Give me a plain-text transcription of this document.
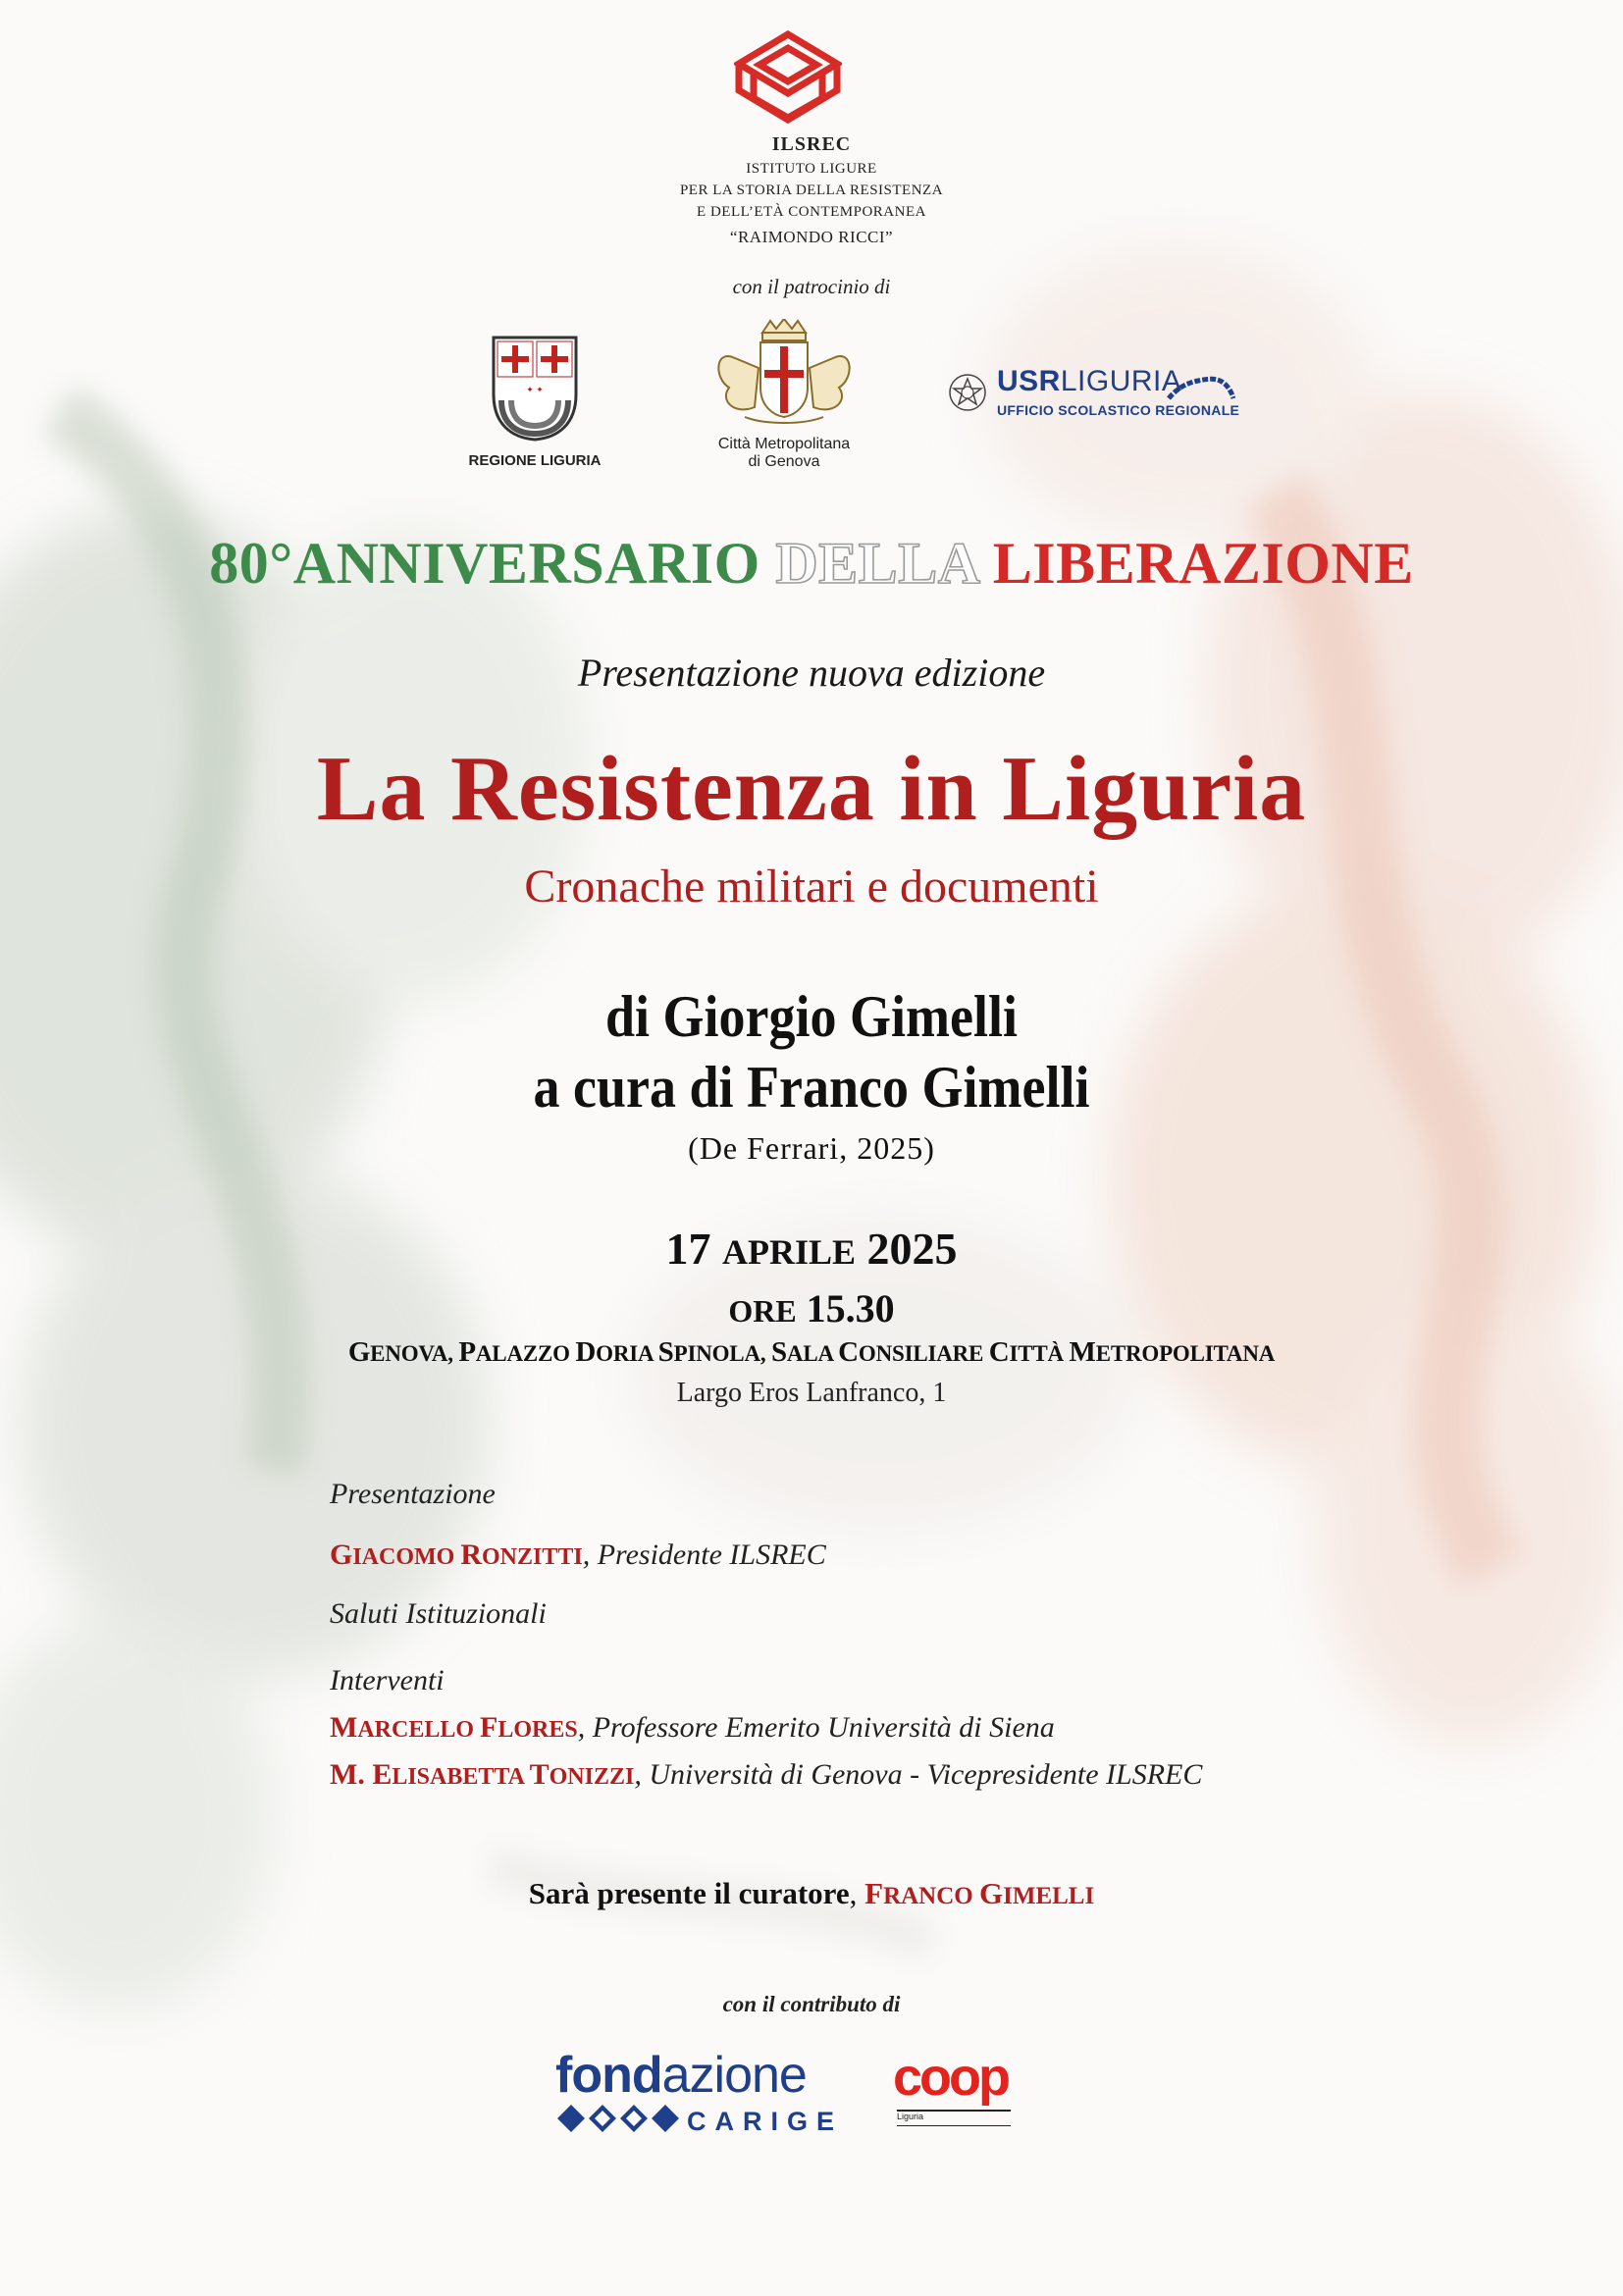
ILSREC
ISTITUTO LIGURE
PER LA STORIA DELLA RESISTENZA
E DELL’ETÀ CONTEMPORANEA
“RAIMONDO RICCI”
con il patrocinio di
✦ ✦
REGIONE LIGURIA
Città Metropolitana
di Genova
USRLIGURIA
UFFICIO SCOLASTICO REGIONALE
80°ANNIVERSARIO DELLA LIBERAZIONE
Presentazione nuova edizione
La Resistenza in Liguria
Cronache militari e documenti
di Giorgio Gimelli
a cura di Franco Gimelli
(De Ferrari, 2025)
17 APRILE 2025
ORE 15.30
GENOVA, PALAZZO DORIA SPINOLA, SALA CONSILIARE CITTÀ METROPOLITANA
Largo Eros Lanfranco, 1
Presentazione
GIACOMO RONZITTI, Presidente ILSREC
Saluti Istituzionali
Interventi
MARCELLO FLORES, Professore Emerito Università di Siena
M. ELISABETTA TONIZZI, Università di Genova - Vicepresidente ILSREC
Sarà presente il curatore, FRANCO GIMELLI
con il contributo di
fondazione
CARIGE
coop
Liguria
